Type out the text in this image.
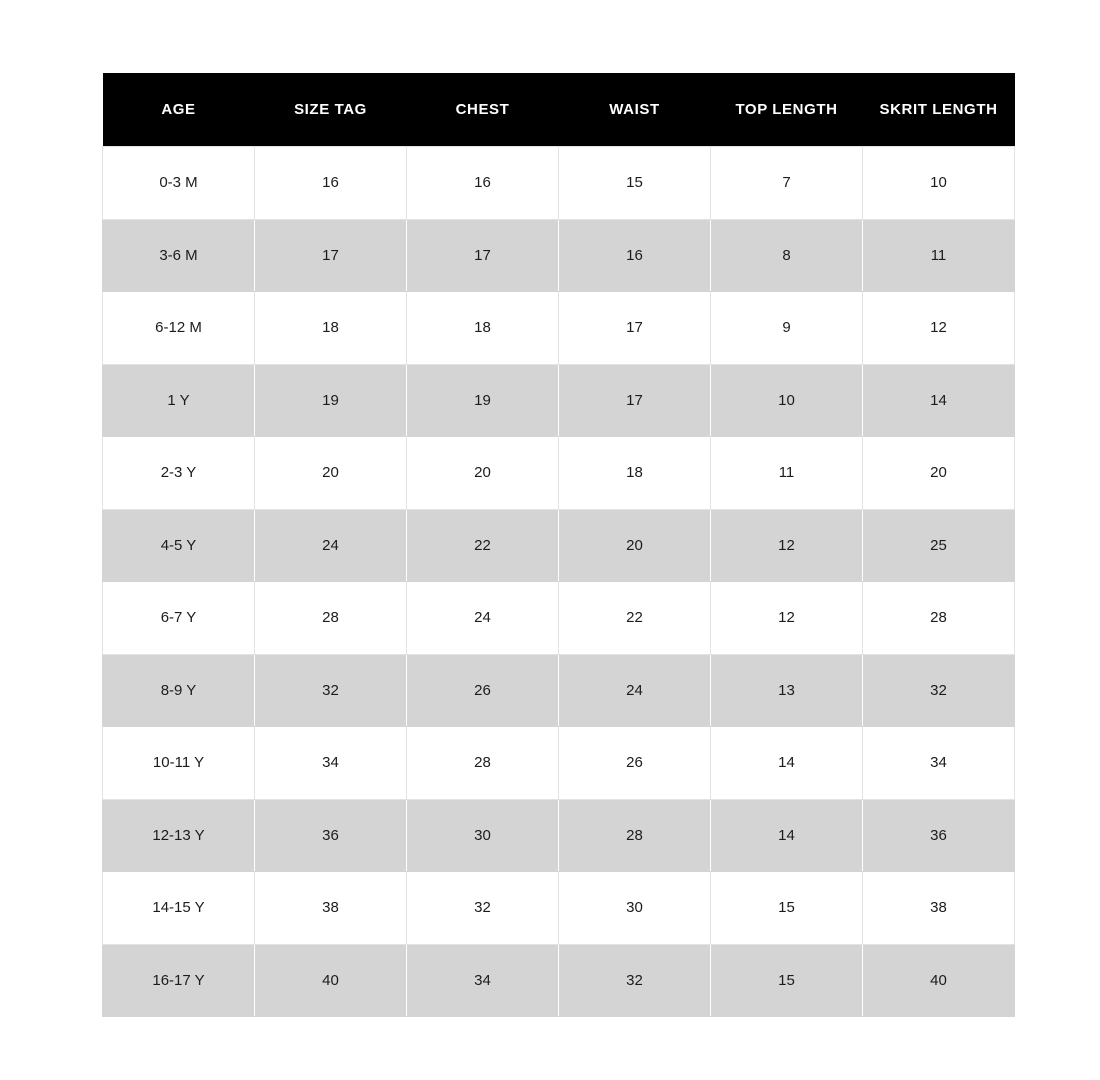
AGE	SIZE TAG	CHEST	WAIST	TOP LENGTH	SKRIT LENGTH
0-3 M	16	16	15	7	10
3-6 M	17	17	16	8	11
6-12 M	18	18	17	9	12
1 Y	19	19	17	10	14
2-3 Y	20	20	18	11	20
4-5 Y	24	22	20	12	25
6-7 Y	28	24	22	12	28
8-9 Y	32	26	24	13	32
10-11 Y	34	28	26	14	34
12-13 Y	36	30	28	14	36
14-15 Y	38	32	30	15	38
16-17 Y	40	34	32	15	40
